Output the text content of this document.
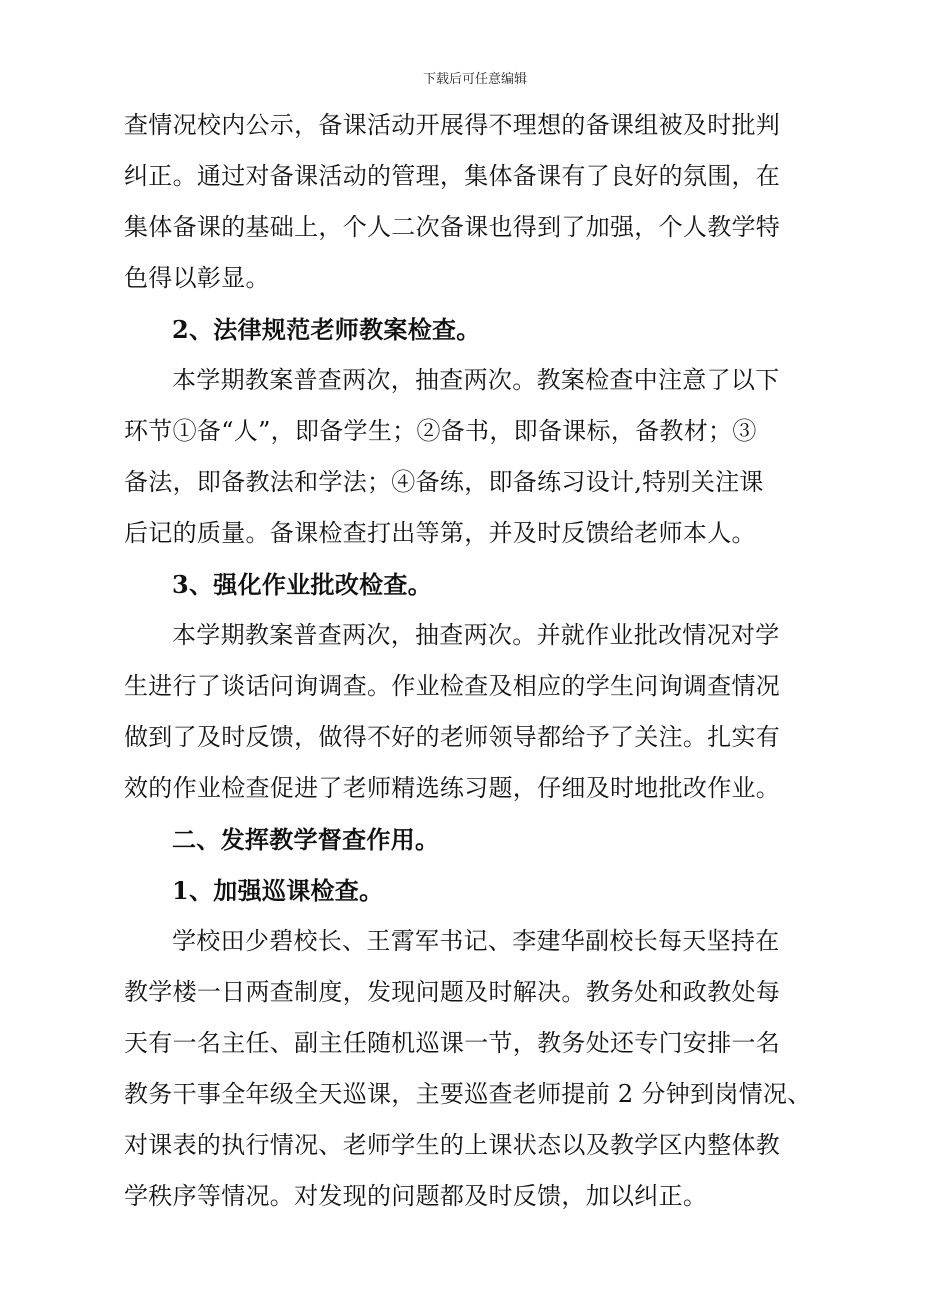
下载后可任意编辑
查情况校内公示，备课活动开展得不理想的备课组被及时批判
纠正。通过对备课活动的管理，集体备课有了良好的氛围，在
集体备课的基础上，个人二次备课也得到了加强，个人教学特
色得以彰显。
2、法律规范老师教案检查。
本学期教案普查两次，抽查两次。教案检查中注意了以下
环节①备“人”，即备学生；②备书，即备课标，备教材；③
备法，即备教法和学法；④备练，即备练习设计,特别关注课
后记的质量。备课检查打出等第，并及时反馈给老师本人。
3、强化作业批改检查。
本学期教案普查两次，抽查两次。并就作业批改情况对学
生进行了谈话问询调查。作业检查及相应的学生问询调查情况
做到了及时反馈，做得不好的老师领导都给予了关注。扎实有
效的作业检查促进了老师精选练习题，仔细及时地批改作业。
二、发挥教学督查作用。
1、加强巡课检查。
学校田少碧校长、王霄军书记、李建华副校长每天坚持在
教学楼一日两查制度，发现问题及时解决。教务处和政教处每
天有一名主任、副主任随机巡课一节，教务处还专门安排一名
教务干事全年级全天巡课，主要巡查老师提前 2 分钟到岗情况、
对课表的执行情况、老师学生的上课状态以及教学区内整体教
学秩序等情况。对发现的问题都及时反馈，加以纠正。
